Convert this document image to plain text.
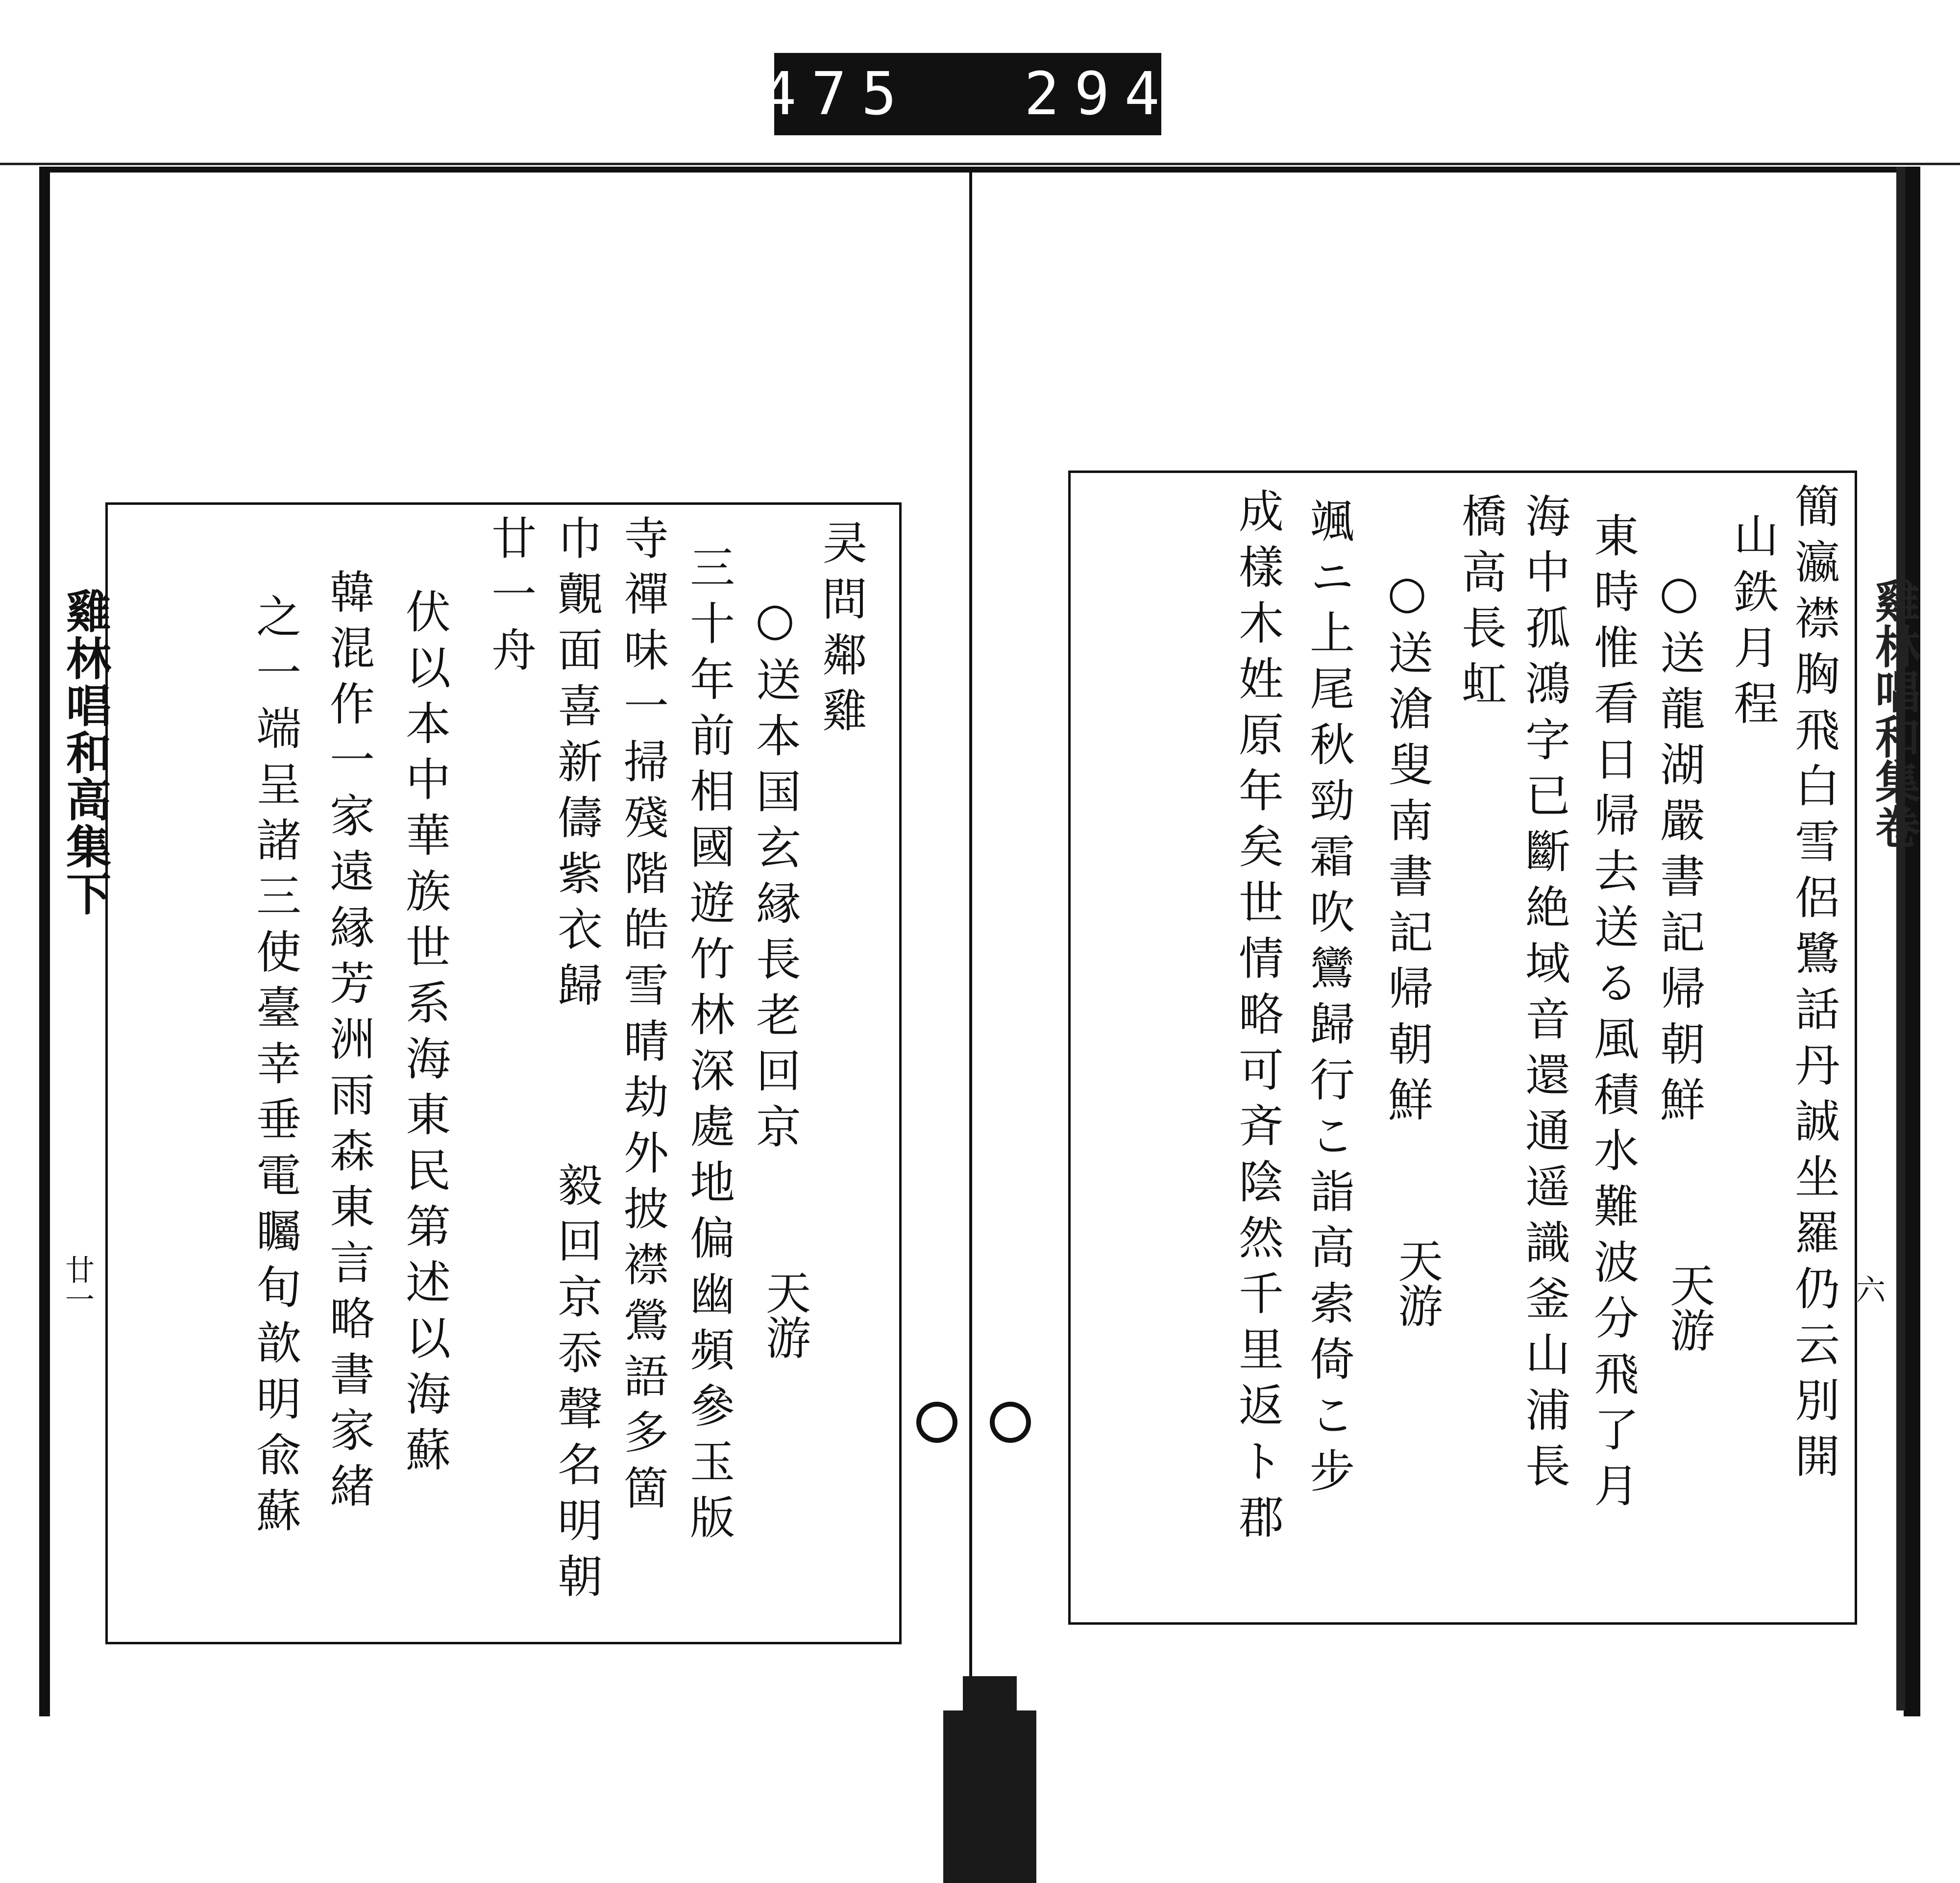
475 294
雞林唱和高集下
廿一
雞林唱和集卷
六
㚑問鄰雞
○送本国玄縁長老回京
天游
三十年前相國遊竹林深處地偏幽頻參玉版
寺禪味一掃殘階皓雪晴劫外披襟鶯語多箇
巾覿面喜新儔紫衣歸
毅回京忝聲名明朝
廿一舟
伏以本中華族世系海東民第述以海蘇
韓混作一家遠縁芳洲雨森東言略書家緒
之一端呈諸三使臺幸垂電矚旬歆明兪蘇	簡瀛襟胸飛白雪侶鷺話丹誠坐羅仍云別開
山鉄月程
○送龍湖嚴書記帰朝鮮
天游
東時惟看日帰去送る風積水難波分飛了月
海中孤鴻字已斷絶域音還通遥識釜山浦長
橋高長虹
○送滄叟南書記帰朝鮮
天游
颯ニ上尾秋勁霜吹鸞歸行こ詣高索倚こ步
成樣木姓原年矣世情略可斉陰然千里返ト郡
